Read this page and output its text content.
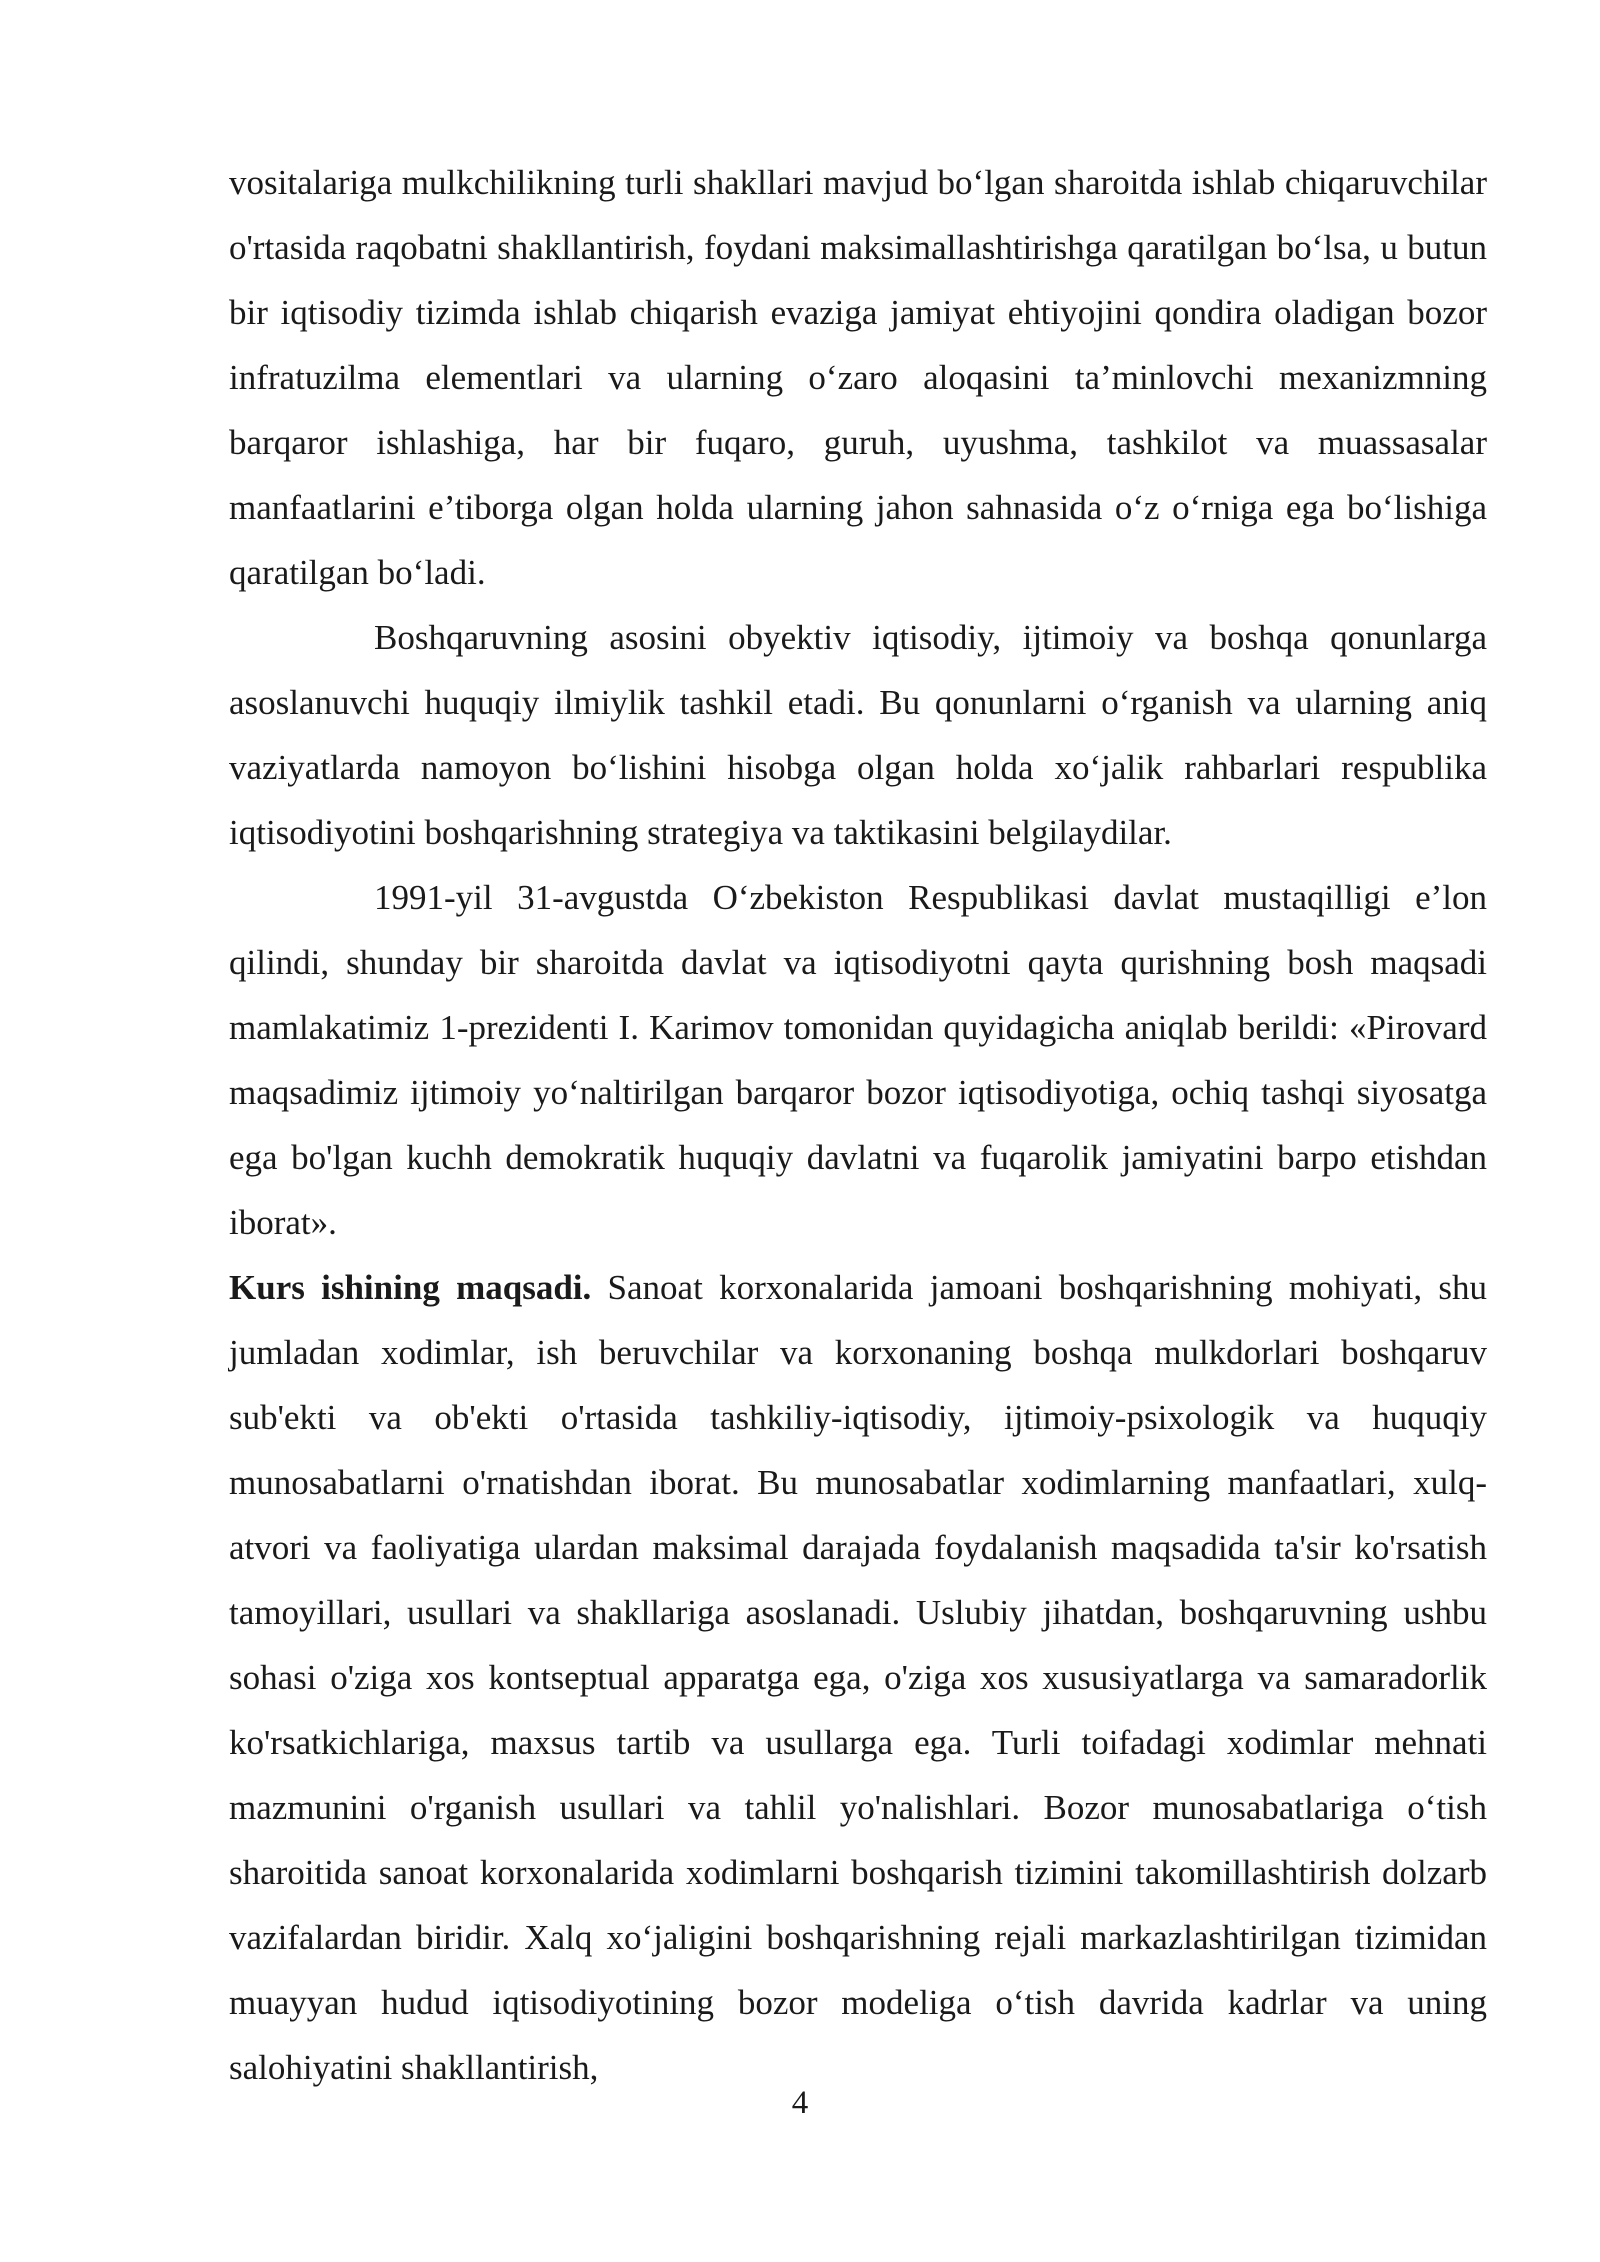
vositalariga mulkchilikning turli shakllari mavjud bo‘lgan sharoitda ishlab chiqaruvchilar o'rtasida raqobatni shakllantirish, foydani maksimallashtirishga qaratilgan bo‘lsa, u butun bir iqtisodiy tizimda ishlab chiqarish evaziga jamiyat ehtiyojini qondira oladigan bozor infratuzilma elementlari va ularning o‘zaro aloqasini ta’minlovchi mexanizmning barqaror ishlashiga, har bir fuqaro, guruh, uyushma, tashkilot va muassasalar manfaatlarini e’tiborga olgan holda ularning jahon sahnasida o‘z o‘rniga ega bo‘lishiga qaratilgan bo‘ladi.

Boshqaruvning asosini obyektiv iqtisodiy, ijtimoiy va boshqa qonunlarga asoslanuvchi huquqiy ilmiylik tashkil etadi. Bu qonunlarni o‘rganish va ularning aniq vaziyatlarda namoyon bo‘lishini hisobga olgan holda xo‘jalik rahbarlari respublika iqtisodiyotini boshqarishning strategiya va taktikasini belgilaydilar.

1991-yil 31-avgustda O‘zbekiston Respublikasi davlat mustaqilligi e’lon qilindi, shunday bir sharoitda davlat va iqtisodiyotni qayta qurishning bosh maqsadi mamlakatimiz 1-prezidenti I. Karimov tomonidan quyidagicha aniqlab berildi: «Pirovard maqsadimiz ijtimoiy yo‘naltirilgan barqaror bozor iqtisodiyotiga, ochiq tashqi siyosatga ega bo'lgan kuchh demokratik huquqiy davlatni va fuqarolik jamiyatini barpo etishdan iborat».

Kurs ishining maqsadi. Sanoat korxonalarida jamoani boshqarishning mohiyati, shu jumladan xodimlar, ish beruvchilar va korxonaning boshqa mulkdorlari boshqaruv sub'ekti va ob'ekti o'rtasida tashkiliy-iqtisodiy, ijtimoiy-psixologik va huquqiy munosabatlarni o'rnatishdan iborat. Bu munosabatlar xodimlarning manfaatlari, xulq-atvori va faoliyatiga ulardan maksimal darajada foydalanish maqsadida ta'sir ko'rsatish tamoyillari, usullari va shakllariga asoslanadi. Uslubiy jihatdan, boshqaruvning ushbu sohasi o'ziga xos kontseptual apparatga ega, o'ziga xos xususiyatlarga va samaradorlik ko'rsatkichlariga, maxsus tartib va usullarga ega. Turli toifadagi xodimlar mehnati mazmunini o'rganish usullari va tahlil yo'nalishlari. Bozor munosabatlariga o‘tish sharoitida sanoat korxonalarida xodimlarni boshqarish tizimini takomillashtirish dolzarb vazifalardan biridir. Xalq xo‘jaligini boshqarishning rejali markazlashtirilgan tizimidan muayyan hudud iqtisodiyotining bozor modeliga o‘tish davrida kadrlar va uning salohiyatini shakllantirish,

4
